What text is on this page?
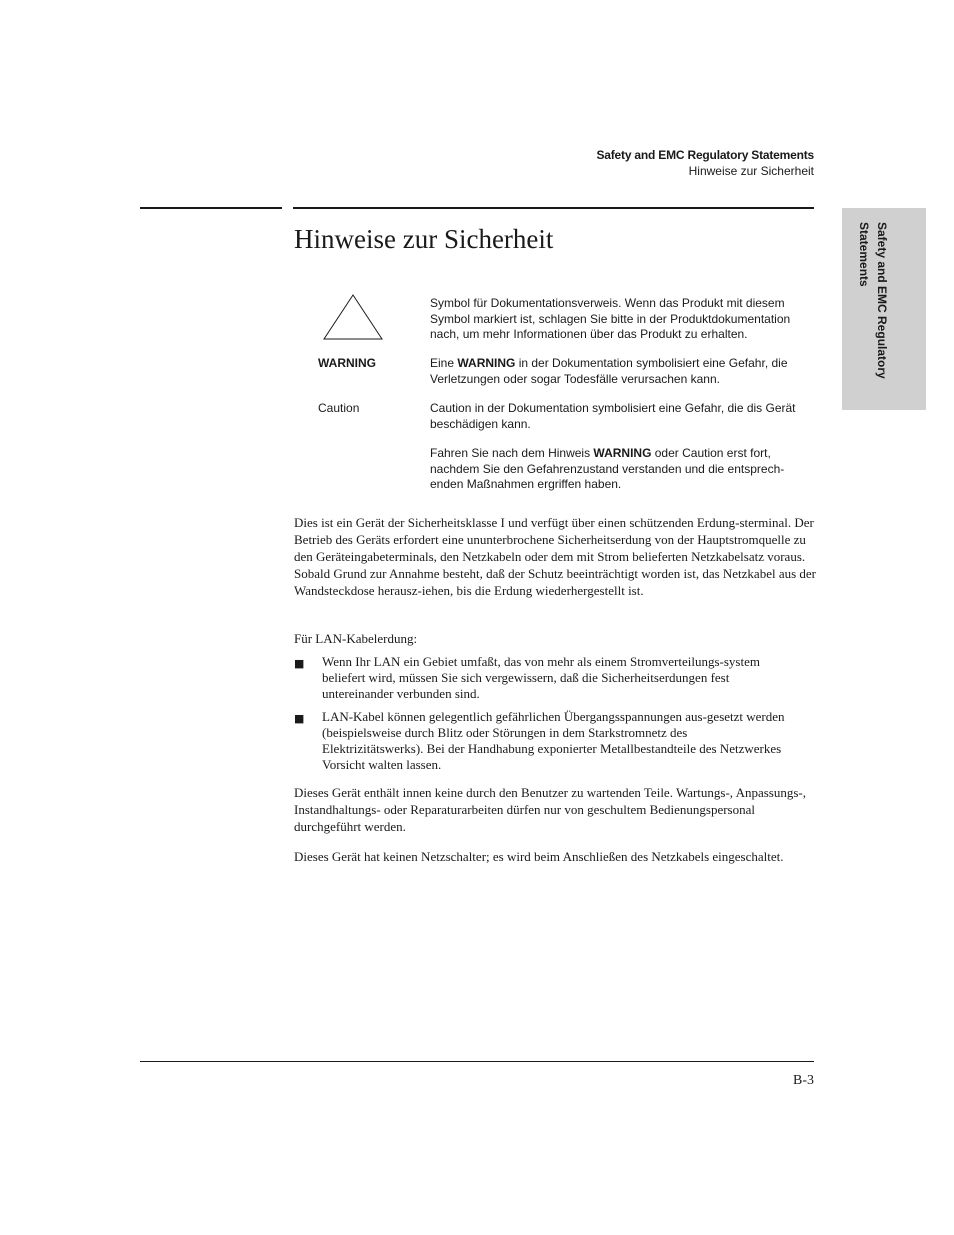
Safety and EMC Regulatory Statements
Hinweise zur Sicherheit
Safety and EMC Regulatory
Statements
Hinweise zur Sicherheit

Symbol für Dokumentationsverweis. Wenn das Produkt mit diesem Symbol markiert ist, schlagen Sie bitte in der Produktdokumentation nach, um mehr Informationen über das Produkt zu erhalten.

WARNING	Eine WARNING in der Dokumentation symbolisiert eine Gefahr, die Verletzungen oder sogar Todesfälle verursachen kann.

Caution	Caution in der Dokumentation symbolisiert eine Gefahr, die dis Gerät beschädigen kann.

Fahren Sie nach dem Hinweis WARNING oder Caution erst fort, nachdem Sie den Gefahrenzustand verstanden und die entsprech-enden Maßnahmen ergriffen haben.

Dies ist ein Gerät der Sicherheitsklasse I und verfügt über einen schützenden Erdung-sterminal. Der Betrieb des Geräts erfordert eine ununterbrochene Sicherheitserdung von der Hauptstromquelle zu den Geräteingabeterminals, den Netzkabeln oder dem mit Strom belieferten Netzkabelsatz voraus. Sobald Grund zur Annahme besteht, daß der Schutz beeinträchtigt worden ist, das Netzkabel aus der Wandsteckdose herausz-iehen, bis die Erdung wiederhergestellt ist.

Für LAN-Kabelerdung:

■ Wenn Ihr LAN ein Gebiet umfaßt, das von mehr als einem Stromverteilungs-system beliefert wird, müssen Sie sich vergewissern, daß die Sicherheitserdungen fest untereinander verbunden sind.

■ LAN-Kabel können gelegentlich gefährlichen Übergangsspannungen aus-gesetzt werden (beispielsweise durch Blitz oder Störungen in dem Starkstromnetz des Elektrizitätswerks). Bei der Handhabung exponierter Metallbestandteile des Netzwerkes Vorsicht walten lassen.

Dieses Gerät enthält innen keine durch den Benutzer zu wartenden Teile. Wartungs-, Anpassungs-, Instandhaltungs- oder Reparaturarbeiten dürfen nur von geschultem Bedienungspersonal durchgeführt werden.

Dieses Gerät hat keinen Netzschalter; es wird beim Anschließen des Netzkabels eingeschaltet.

B-3
